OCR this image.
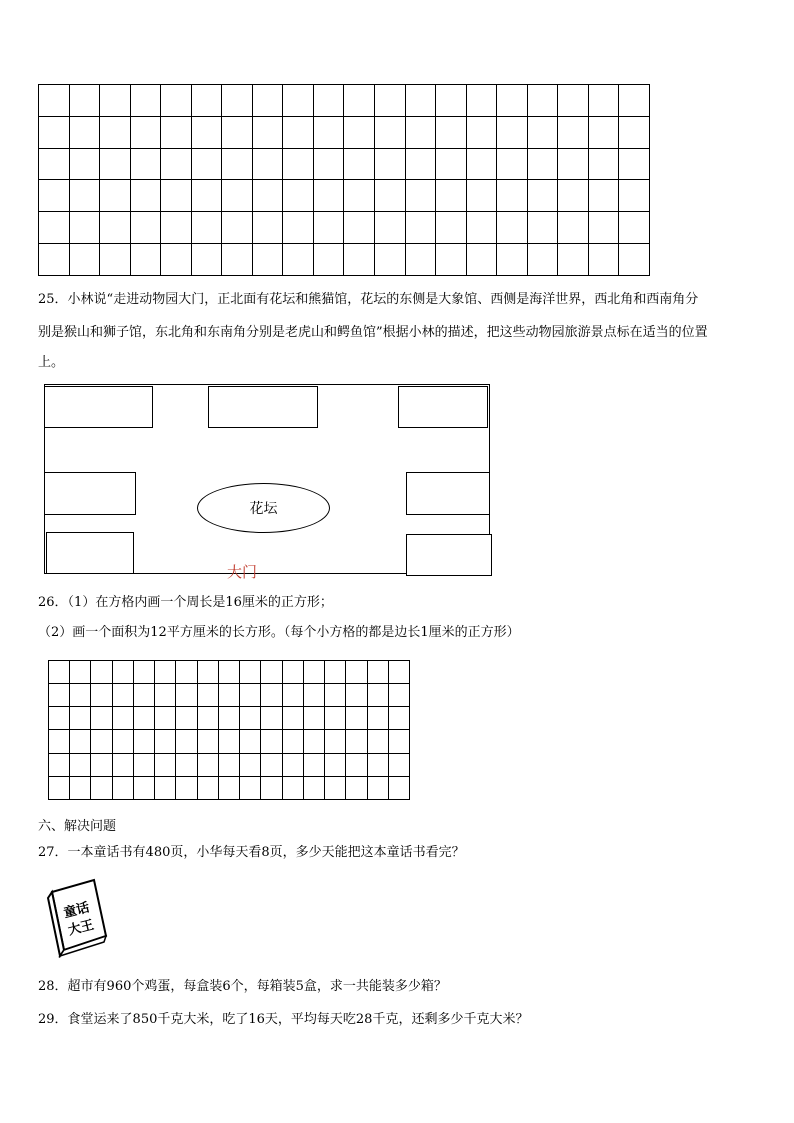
25．小林说“走进动物园大门，正北面有花坛和熊猫馆，花坛的东侧是大象馆、西侧是海洋世界，西北角和西南角分
别是猴山和狮子馆，东北角和东南角分别是老虎山和鳄鱼馆”根据小林的描述，把这些动物园旅游景点标在适当的位置
上。
花坛
大门
26．（1）在方格内画一个周长是16厘米的正方形；
（2）画一个面积为12平方厘米的长方形。（每个小方格的都是边长1厘米的正方形）

六、解决问题
27．一本童话书有480页，小华每天看8页，多少天能把这本童话书看完？
童话大王
28．超市有960个鸡蛋，每盒装6个，每箱装5盒，求一共能装多少箱？
29．食堂运来了850千克大米，吃了16天，平均每天吃28千克，还剩多少千克大米？
